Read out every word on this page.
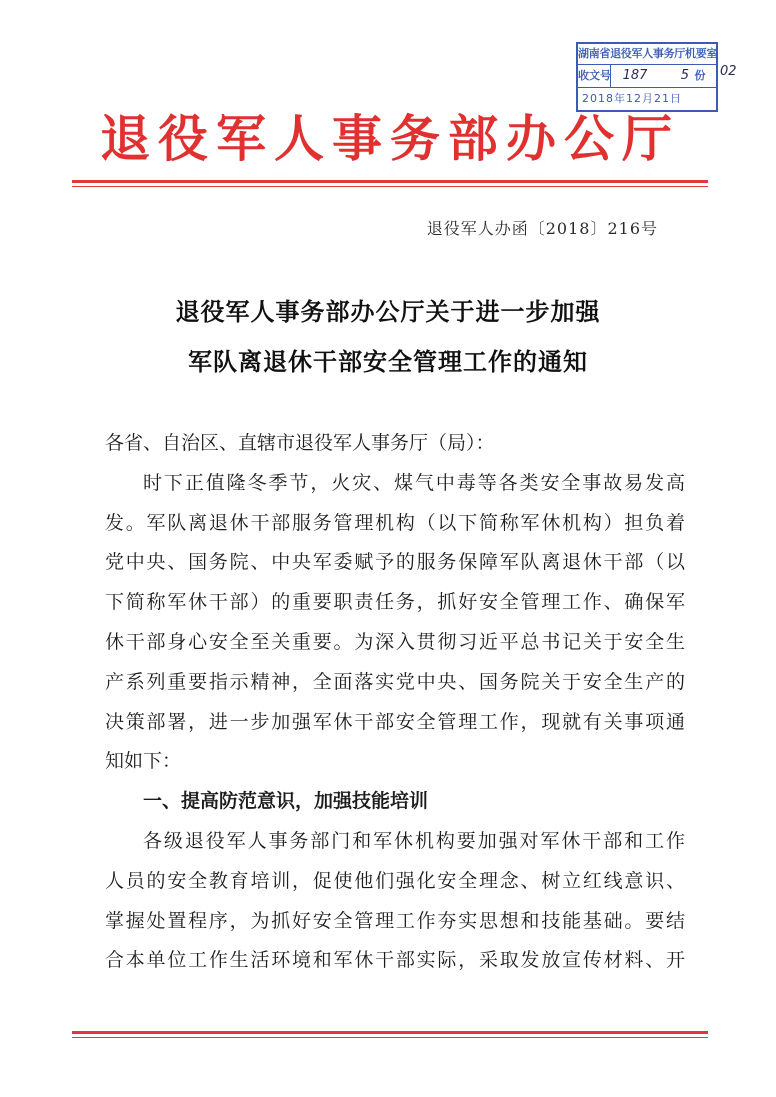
湖南省退役军人事务厅机要室
收文号 187	5 份
2018年12月21日
02
退役军人事务部办公厅
退役军人办函〔2018〕216号
退役军人事务部办公厅关于进一步加强
军队离退休干部安全管理工作的通知
各省、自治区、直辖市退役军人事务厅（局）：
时下正值隆冬季节，火灾、煤气中毒等各类安全事故易发高
发。军队离退休干部服务管理机构（以下简称军休机构）担负着
党中央、国务院、中央军委赋予的服务保障军队离退休干部（以
下简称军休干部）的重要职责任务，抓好安全管理工作、确保军
休干部身心安全至关重要。为深入贯彻习近平总书记关于安全生
产系列重要指示精神，全面落实党中央、国务院关于安全生产的
决策部署，进一步加强军休干部安全管理工作，现就有关事项通
知如下：
一、提高防范意识，加强技能培训
各级退役军人事务部门和军休机构要加强对军休干部和工作
人员的安全教育培训，促使他们强化安全理念、树立红线意识、
掌握处置程序，为抓好安全管理工作夯实思想和技能基础。要结
合本单位工作生活环境和军休干部实际，采取发放宣传材料、开
